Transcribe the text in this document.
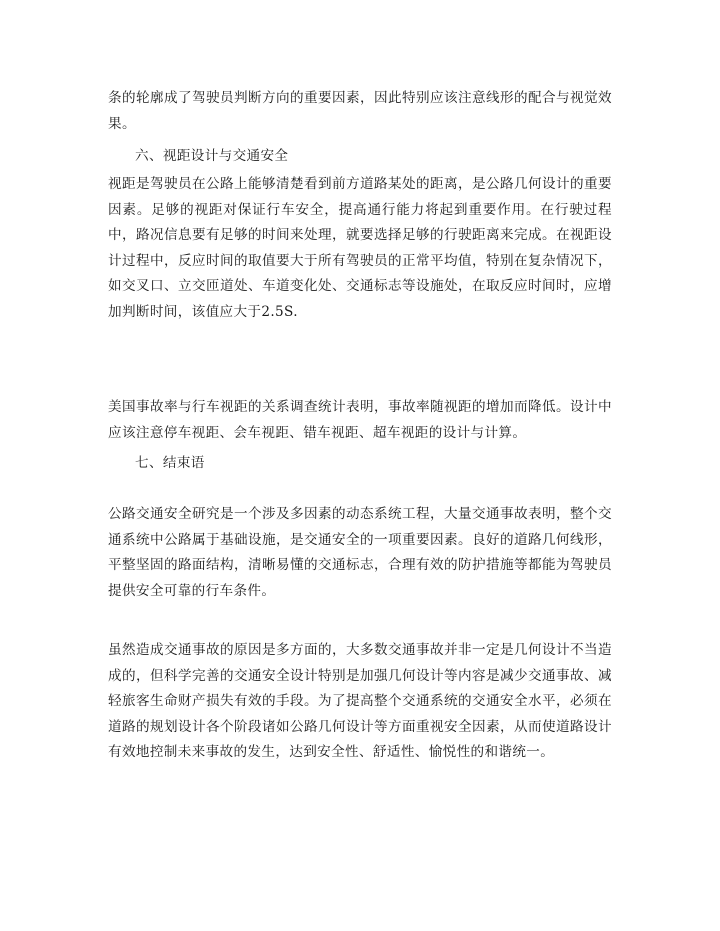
条的轮廓成了驾驶员判断方向的重要因素，因此特别应该注意线形的配合与视觉效果。

六、视距设计与交通安全

视距是驾驶员在公路上能够清楚看到前方道路某处的距离，是公路几何设计的重要因素。足够的视距对保证行车安全，提高通行能力将起到重要作用。在行驶过程中，路况信息要有足够的时间来处理，就要选择足够的行驶距离来完成。在视距设计过程中，反应时间的取值要大于所有驾驶员的正常平均值，特别在复杂情况下，如交叉口、立交匝道处、车道变化处、交通标志等设施处，在取反应时间时，应增加判断时间，该值应大于2.5S.

美国事故率与行车视距的关系调查统计表明，事故率随视距的增加而降低。设计中应该注意停车视距、会车视距、错车视距、超车视距的设计与计算。

七、结束语

公路交通安全研究是一个涉及多因素的动态系统工程，大量交通事故表明，整个交通系统中公路属于基础设施，是交通安全的一项重要因素。良好的道路几何线形，平整坚固的路面结构，清晰易懂的交通标志，合理有效的防护措施等都能为驾驶员提供安全可靠的行车条件。

虽然造成交通事故的原因是多方面的，大多数交通事故并非一定是几何设计不当造成的，但科学完善的交通安全设计特别是加强几何设计等内容是减少交通事故、减轻旅客生命财产损失有效的手段。为了提高整个交通系统的交通安全水平，必须在道路的规划设计各个阶段诸如公路几何设计等方面重视安全因素，从而使道路设计有效地控制未来事故的发生，达到安全性、舒适性、愉悦性的和谐统一。
